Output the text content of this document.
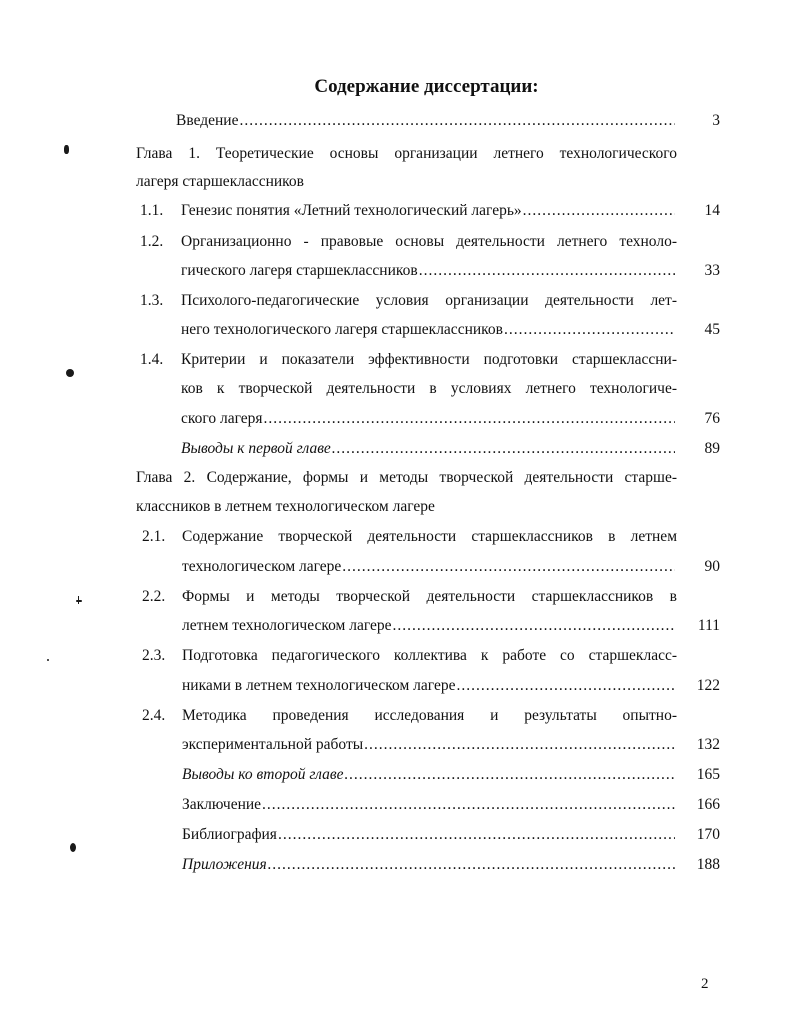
Содержание диссертации:
Введение .....	3
Глава 1. Теоретические основы организации летнего технологического
лагеря старшеклассников
1.1. Генезис понятия «Летний технологический лагерь» .....	14
1.2. Организационно - правовые основы деятельности летнего техноло-
гического лагеря старшеклассников .....	33
1.3. Психолого-педагогические условия организации деятельности лет-
него технологического лагеря старшеклассников .....	45
1.4. Критерии и показатели эффективности подготовки старшеклассни-
ков к творческой деятельности в условиях летнего технологиче-
ского лагеря .....	76
Выводы к первой главе .....	89
Глава 2. Содержание, формы и методы творческой деятельности старше-
классников в летнем технологическом лагере
2.1. Содержание творческой деятельности старшеклассников в летнем
технологическом лагере .....	90
2.2. Формы и методы творческой деятельности старшеклассников в
летнем технологическом лагере .....	111
2.3. Подготовка педагогического коллектива к работе со старшекласс-
никами в летнем технологическом лагере .....	122
2.4. Методика проведения исследования и результаты опытно-
экспериментальной работы .....	132
Выводы ко второй главе .....	165
Заключение .....	166
Библиография .....	170
Приложения .....	188
2
